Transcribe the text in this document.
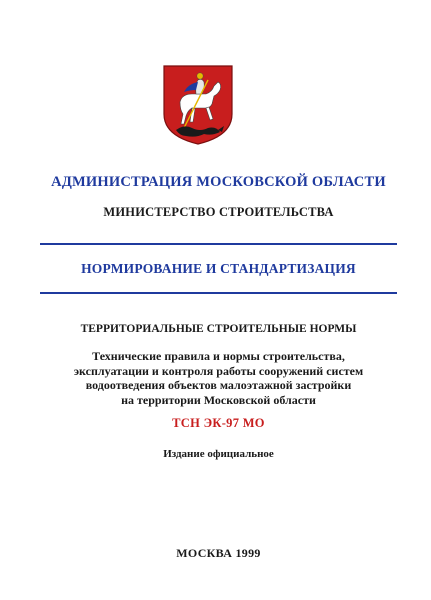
АДМИНИСТРАЦИЯ МОСКОВСКОЙ ОБЛАСТИ
МИНИСТЕРСТВО СТРОИТЕЛЬСТВА
НОРМИРОВАНИЕ И СТАНДАРТИЗАЦИЯ
ТЕРРИТОРИАЛЬНЫЕ СТРОИТЕЛЬНЫЕ НОРМЫ
Технические правила и нормы строительства,
эксплуатации и контроля работы сооружений систем
водоотведения объектов малоэтажной застройки
на территории Московской области
ТСН ЭК-97 МО
Издание официальное
МОСКВА 1999
